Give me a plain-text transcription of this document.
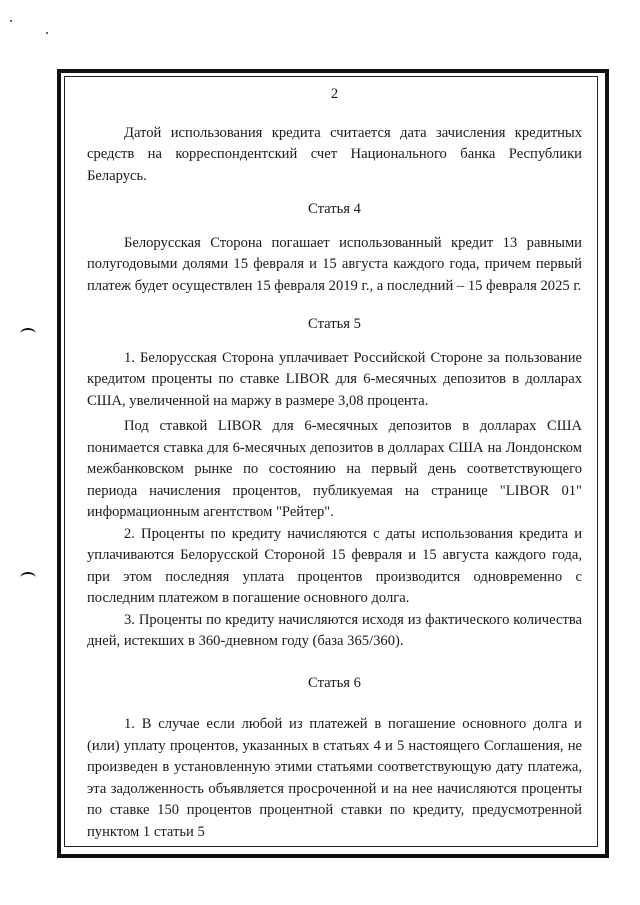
2

Датой использования кредита считается дата зачисления кредитных средств на корреспондентский счет Национального банка Республики Беларусь.

Статья 4

Белорусская Сторона погашает использованный кредит 13 равными полугодовыми долями 15 февраля и 15 августа каждого года, причем первый платеж будет осуществлен 15 февраля 2019 г., а последний – 15 февраля 2025 г.

Статья 5

1. Белорусская Сторона уплачивает Российской Стороне за пользование кредитом проценты по ставке LIBOR для 6-месячных депозитов в долларах США, увеличенной на маржу в размере 3,08 процента.

Под ставкой LIBOR для 6-месячных депозитов в долларах США понимается ставка для 6-месячных депозитов в долларах США на Лондонском межбанковском рынке по состоянию на первый день соответствующего периода начисления процентов, публикуемая на странице "LIBOR 01" информационным агентством "Рейтер".

2. Проценты по кредиту начисляются с даты использования кредита и уплачиваются Белорусской Стороной 15 февраля и 15 августа каждого года, при этом последняя уплата процентов производится одновременно с последним платежом в погашение основного долга.

3. Проценты по кредиту начисляются исходя из фактического количества дней, истекших в 360-дневном году (база 365/360).

Статья 6

1. В случае если любой из платежей в погашение основного долга и (или) уплату процентов, указанных в статьях 4 и 5 настоящего Соглашения, не произведен в установленную этими статьями соответствующую дату платежа, эта задолженность объявляется просроченной и на нее начисляются проценты по ставке 150 процентов процентной ставки по кредиту, предусмотренной пунктом 1 статьи 5
